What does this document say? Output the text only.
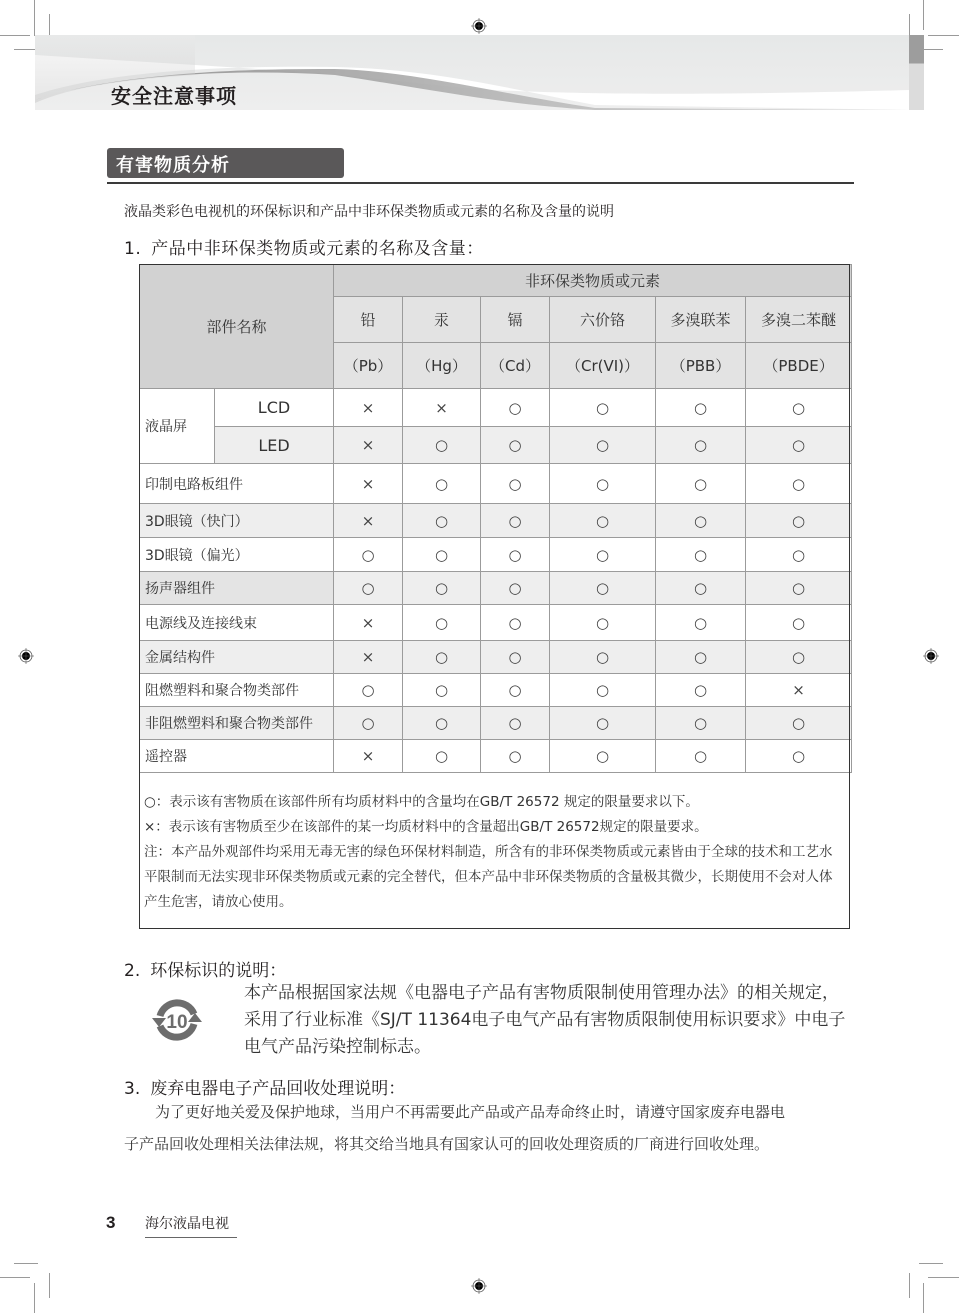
安全注意事项
有害物质分析
液晶类彩色电视机的环保标识和产品中非环保类物质或元素的名称及含量的说明
1. 产品中非环保类物质或元素的名称及含量：
部件名称		非环保类物质或元素					
		铅	汞	镉	六价铬	多溴联苯	多溴二苯醚
		（Pb）	（Hg）	（Cd）	（Cr(VI)）	（PBB）	（PBDE）
液晶屏	LCD	×	×	○	○	○	○
	LED	×	○	○	○	○	○
印制电路板组件		×	○	○	○	○	○
3D眼镜（快门）		×	○	○	○	○	○
3D眼镜（偏光）		○	○	○	○	○	○
扬声器组件		○	○	○	○	○	○
电源线及连接线束		×	○	○	○	○	○
金属结构件		×	○	○	○	○	○
阻燃塑料和聚合物类部件		○	○	○	○	○	×
非阻燃塑料和聚合物类部件		○	○	○	○	○	○
遥控器		×	○	○	○	○	○
○：表示该有害物质在该部件所有均质材料中的含量均在GB/T 26572 规定的限量要求以下。
×：表示该有害物质至少在该部件的某一均质材料中的含量超出GB/T 26572规定的限量要求。
注：本产品外观部件均采用无毒无害的绿色环保材料制造，所含有的非环保类物质或元素皆由于全球的技术和工艺水平限制而无法实现非环保类物质或元素的完全替代，但本产品中非环保类物质的含量极其微少，长期使用不会对人体产生危害，请放心使用。
2. 环保标识的说明：
10
本产品根据国家法规《电器电子产品有害物质限制使用管理办法》的相关规定，采用了行业标准《SJ/T 11364电子电气产品有害物质限制使用标识要求》中电子电气产品污染控制标志。
3. 废弃电器电子产品回收处理说明：
为了更好地关爱及保护地球，当用户不再需要此产品或产品寿命终止时，请遵守国家废弃电器电
子产品回收处理相关法律法规，将其交给当地具有国家认可的回收处理资质的厂商进行回收处理。
3 海尔液晶电视
